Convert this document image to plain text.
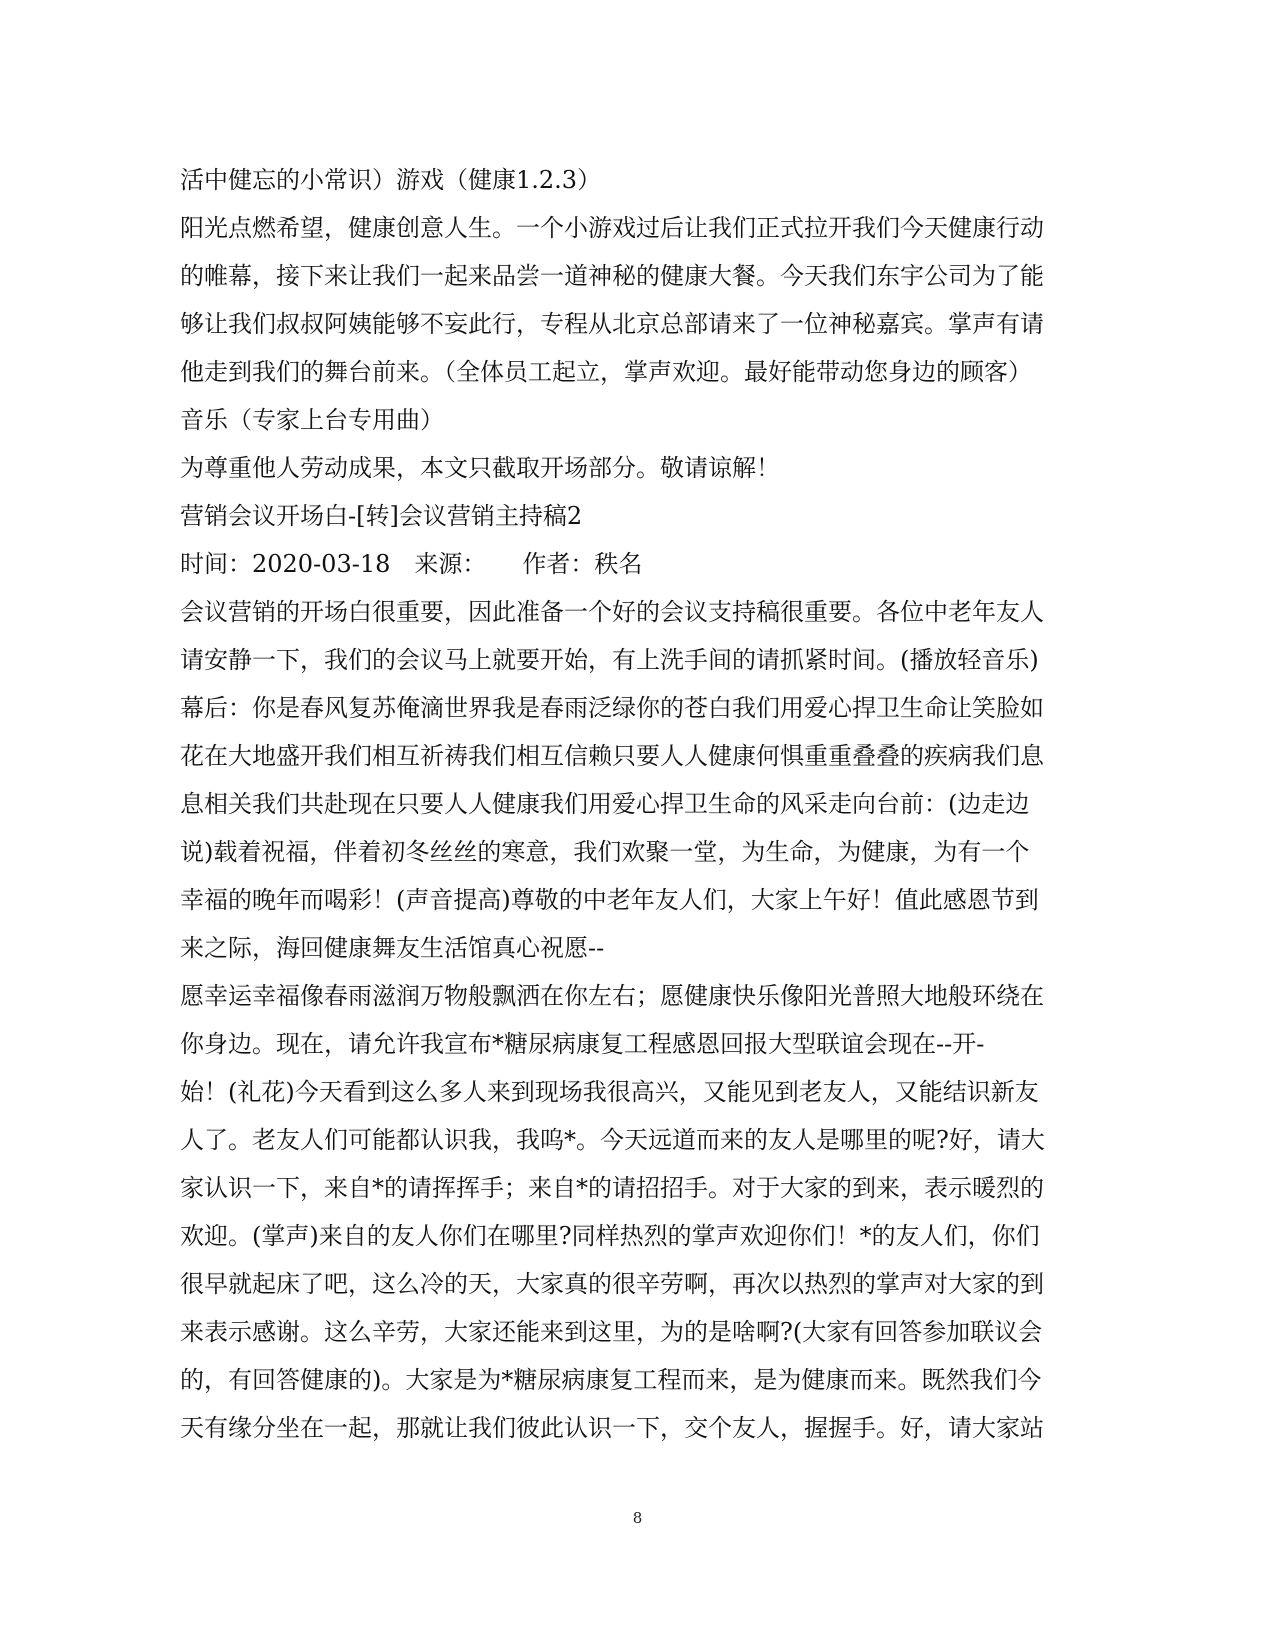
活中健忘的小常识）游戏（健康1.2.3）
阳光点燃希望，健康创意人生。一个小游戏过后让我们正式拉开我们今天健康行动
的帷幕，接下来让我们一起来品尝一道神秘的健康大餐。今天我们东宇公司为了能
够让我们叔叔阿姨能够不妄此行，专程从北京总部请来了一位神秘嘉宾。掌声有请
他走到我们的舞台前来。（全体员工起立，掌声欢迎。最好能带动您身边的顾客）
音乐（专家上台专用曲）
为尊重他人劳动成果，本文只截取开场部分。敬请谅解！
营销会议开场白-[转]会议营销主持稿2
时间：2020-03-18　来源：　　作者：秩名
会议营销的开场白很重要，因此准备一个好的会议支持稿很重要。各位中老年友人
请安静一下，我们的会议马上就要开始，有上洗手间的请抓紧时间。(播放轻音乐)
幕后：你是春风复苏俺滴世界我是春雨泛绿你的苍白我们用爱心捍卫生命让笑脸如
花在大地盛开我们相互祈祷我们相互信赖只要人人健康何惧重重叠叠的疾病我们息
息相关我们共赴现在只要人人健康我们用爱心捍卫生命的风采走向台前：(边走边
说)载着祝福，伴着初冬丝丝的寒意，我们欢聚一堂，为生命，为健康，为有一个
幸福的晚年而喝彩！(声音提高)尊敬的中老年友人们，大家上午好！值此感恩节到
来之际，海回健康舞友生活馆真心祝愿--
愿幸运幸福像春雨滋润万物般飘洒在你左右；愿健康快乐像阳光普照大地般环绕在
你身边。现在，请允许我宣布*糖尿病康复工程感恩回报大型联谊会现在--开-
始！(礼花)今天看到这么多人来到现场我很高兴，又能见到老友人，又能结识新友
人了。老友人们可能都认识我，我呜*。今天远道而来的友人是哪里的呢?好，请大
家认识一下，来自*的请挥挥手；来自*的请招招手。对于大家的到来，表示暖烈的
欢迎。(掌声)来自的友人你们在哪里?同样热烈的掌声欢迎你们！*的友人们，你们
很早就起床了吧，这么冷的天，大家真的很辛劳啊，再次以热烈的掌声对大家的到
来表示感谢。这么辛劳，大家还能来到这里，为的是啥啊?(大家有回答参加联议会
的，有回答健康的)。大家是为*糖尿病康复工程而来，是为健康而来。既然我们今
天有缘分坐在一起，那就让我们彼此认识一下，交个友人，握握手。好，请大家站
8
